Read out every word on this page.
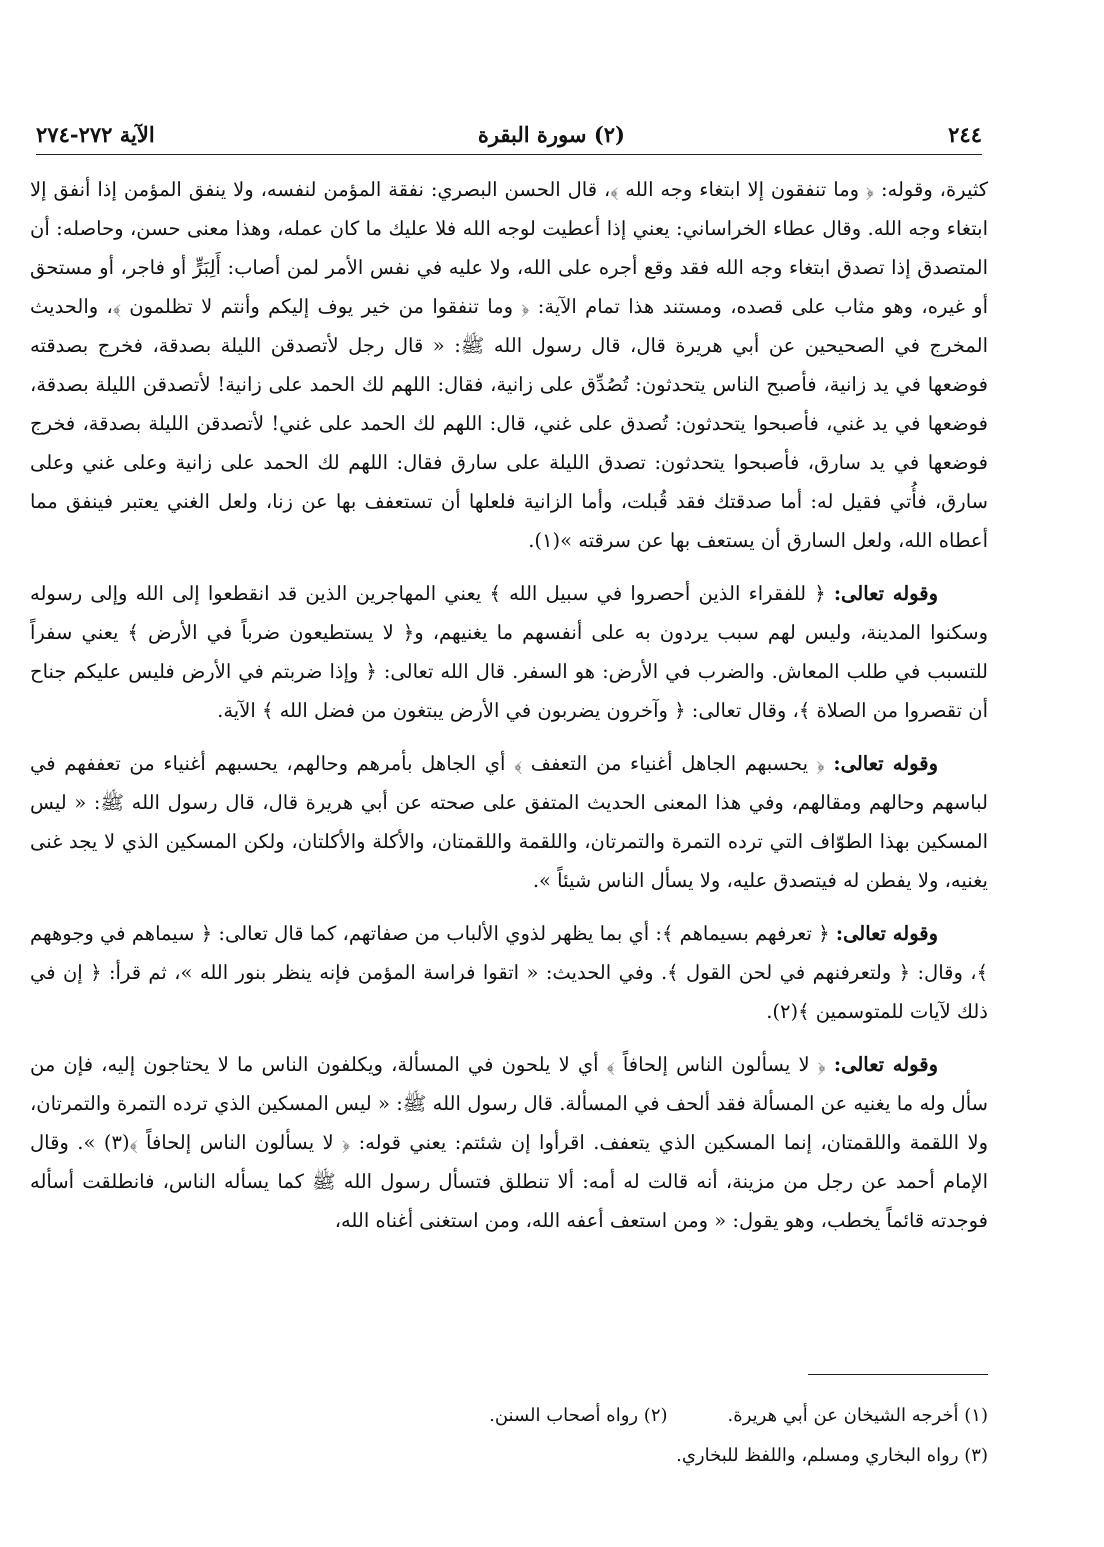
٢٤٤
(٢) سورة البقرة
الآية ٢٧٢-٢٧٤

كثيرة، وقوله: ﴿ وما تنفقون إلا ابتغاء وجه الله ﴾، قال الحسن البصري: نفقة المؤمن لنفسه، ولا ينفق المؤمن إذا أنفق إلا ابتغاء وجه الله. وقال عطاء الخراساني: يعني إذا أعطيت لوجه الله فلا عليك ما كان عمله، وهذا معنى حسن، وحاصله: أن المتصدق إذا تصدق ابتغاء وجه الله فقد وقع أجره على الله، ولا عليه في نفس الأمر لمن أصاب: أَلِبَرٍّ أو فاجر، أو مستحق أو غيره، وهو مثاب على قصده، ومستند هذا تمام الآية: ﴿ وما تنفقوا من خير يوف إليكم وأنتم لا تظلمون ﴾، والحديث المخرج في الصحيحين عن أبي هريرة قال، قال رسول الله ﷺ: « قال رجل لأتصدقن الليلة بصدقة، فخرج بصدقته فوضعها في يد زانية، فأصبح الناس يتحدثون: تُصُدِّق على زانية، فقال: اللهم لك الحمد على زانية! لأتصدقن الليلة بصدقة، فوضعها في يد غني، فأصبحوا يتحدثون: تُصدق على غني، قال: اللهم لك الحمد على غني! لأتصدقن الليلة بصدقة، فخرج فوضعها في يد سارق، فأصبحوا يتحدثون: تصدق الليلة على سارق فقال: اللهم لك الحمد على زانية وعلى غني وعلى سارق، فأُتي فقيل له: أما صدقتك فقد قُبلت، وأما الزانية فلعلها أن تستعفف بها عن زنا، ولعل الغني يعتبر فينفق مما أعطاه الله، ولعل السارق أن يستعف بها عن سرقته »(١).

وقوله تعالى: ﴿ للفقراء الذين أحصروا في سبيل الله ﴾ يعني المهاجرين الذين قد انقطعوا إلى الله وإلى رسوله وسكنوا المدينة، وليس لهم سبب يردون به على أنفسهم ما يغنيهم، و﴿ لا يستطيعون ضرباً في الأرض ﴾ يعني سفراً للتسبب في طلب المعاش. والضرب في الأرض: هو السفر. قال الله تعالى: ﴿ وإذا ضربتم في الأرض فليس عليكم جناح أن تقصروا من الصلاة ﴾، وقال تعالى: ﴿ وآخرون يضربون في الأرض يبتغون من فضل الله ﴾ الآية.

وقوله تعالى: ﴿ يحسبهم الجاهل أغنياء من التعفف ﴾ أي الجاهل بأمرهم وحالهم، يحسبهم أغنياء من تعففهم في لباسهم وحالهم ومقالهم، وفي هذا المعنى الحديث المتفق على صحته عن أبي هريرة قال، قال رسول الله ﷺ: « ليس المسكين بهذا الطوّاف التي ترده التمرة والتمرتان، واللقمة واللقمتان، والأكلة والأكلتان، ولكن المسكين الذي لا يجد غنى يغنيه، ولا يفطن له فيتصدق عليه، ولا يسأل الناس شيئاً ».

وقوله تعالى: ﴿ تعرفهم بسيماهم ﴾: أي بما يظهر لذوي الألباب من صفاتهم، كما قال تعالى: ﴿ سيماهم في وجوههم ﴾، وقال: ﴿ ولتعرفنهم في لحن القول ﴾. وفي الحديث: « اتقوا فراسة المؤمن فإنه ينظر بنور الله »، ثم قرأ: ﴿ إن في ذلك لآيات للمتوسمين ﴾(٢).

وقوله تعالى: ﴿ لا يسألون الناس إلحافاً ﴾ أي لا يلحون في المسألة، ويكلفون الناس ما لا يحتاجون إليه، فإن من سأل وله ما يغنيه عن المسألة فقد ألحف في المسألة. قال رسول الله ﷺ: « ليس المسكين الذي ترده التمرة والتمرتان، ولا اللقمة واللقمتان، إنما المسكين الذي يتعفف. اقرأوا إن شئتم: يعني قوله: ﴿ لا يسألون الناس إلحافاً ﴾(٣) ». وقال الإمام أحمد عن رجل من مزينة، أنه قالت له أمه: ألا تنطلق فتسأل رسول الله ﷺ كما يسأله الناس، فانطلقت أسأله فوجدته قائماً يخطب، وهو يقول: « ومن استعف أعفه الله، ومن استغنى أغناه الله،

(١) أخرجه الشيخان عن أبي هريرة.
(٢) رواه أصحاب السنن.
(٣) رواه البخاري ومسلم، واللفظ للبخاري.
